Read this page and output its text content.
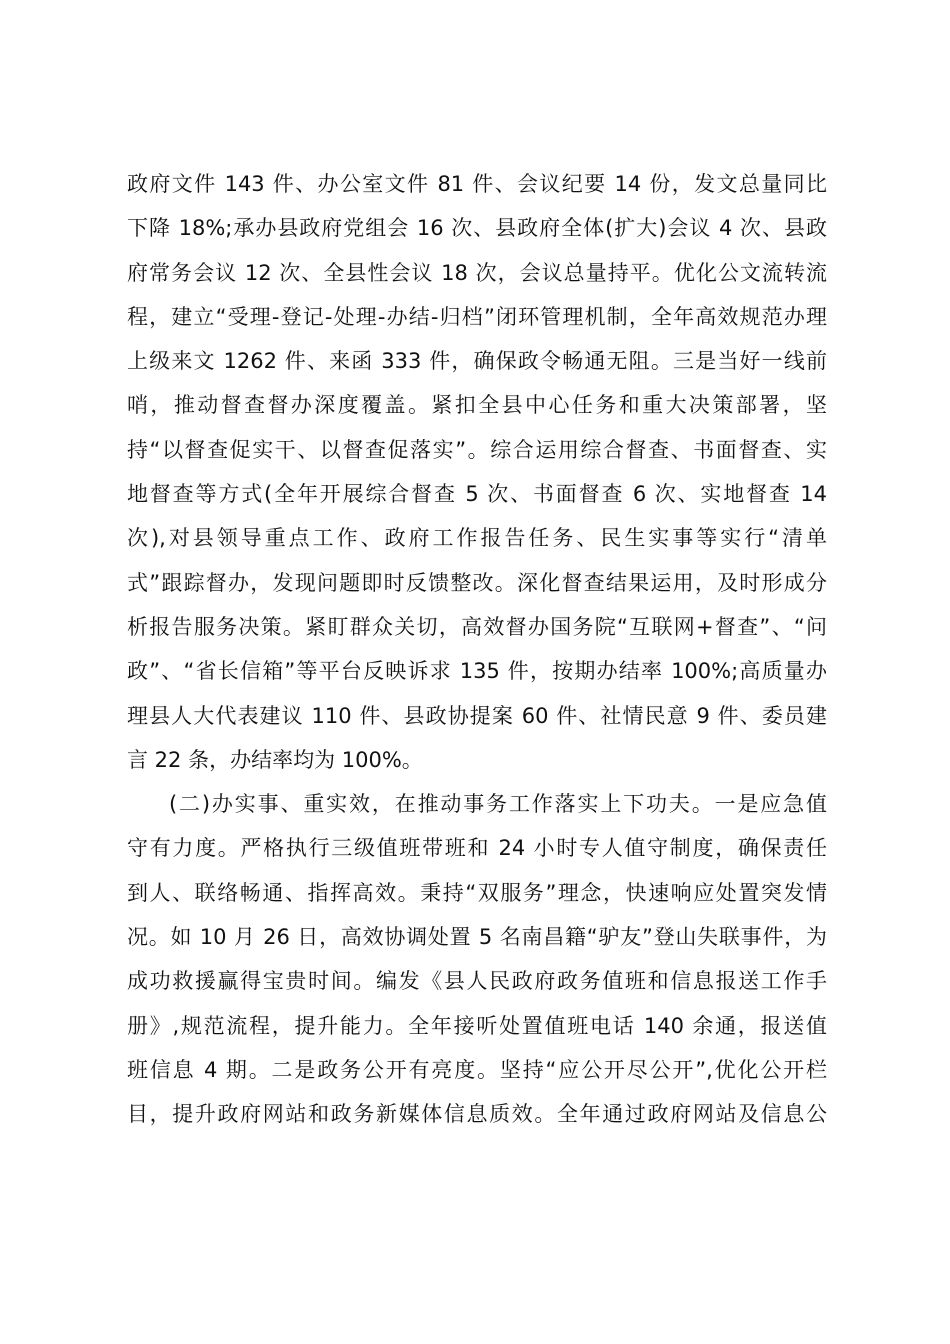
政府文件 143 件、办公室文件 81 件、会议纪要 14 份，发文总量同比
下降 18%;承办县政府党组会 16 次、县政府全体(扩大)会议 4 次、县政
府常务会议 12 次、全县性会议 18 次，会议总量持平。优化公文流转流
程，建立“受理-登记-处理-办结-归档”闭环管理机制，全年高效规范办理
上级来文 1262 件、来函 333 件，确保政令畅通无阻。三是当好一线前
哨，推动督查督办深度覆盖。紧扣全县中心任务和重大决策部署，坚
持“以督查促实干、以督查促落实”。综合运用综合督查、书面督查、实
地督查等方式(全年开展综合督查 5 次、书面督查 6 次、实地督查 14
次),对县领导重点工作、政府工作报告任务、民生实事等实行“清单
式”跟踪督办，发现问题即时反馈整改。深化督查结果运用，及时形成分
析报告服务决策。紧盯群众关切，高效督办国务院“互联网+督查”、“问
政”、“省长信箱”等平台反映诉求 135 件，按期办结率 100%;高质量办
理县人大代表建议 110 件、县政协提案 60 件、社情民意 9 件、委员建
言 22 条，办结率均为 100%。
(二)办实事、重实效，在推动事务工作落实上下功夫。一是应急值
守有力度。严格执行三级值班带班和 24 小时专人值守制度，确保责任
到人、联络畅通、指挥高效。秉持“双服务”理念，快速响应处置突发情
况。如 10 月 26 日，高效协调处置 5 名南昌籍“驴友”登山失联事件，为
成功救援赢得宝贵时间。编发《县人民政府政务值班和信息报送工作手
册》,规范流程，提升能力。全年接听处置值班电话 140 余通，报送值
班信息 4 期。二是政务公开有亮度。坚持“应公开尽公开”,优化公开栏
目，提升政府网站和政务新媒体信息质效。全年通过政府网站及信息公
